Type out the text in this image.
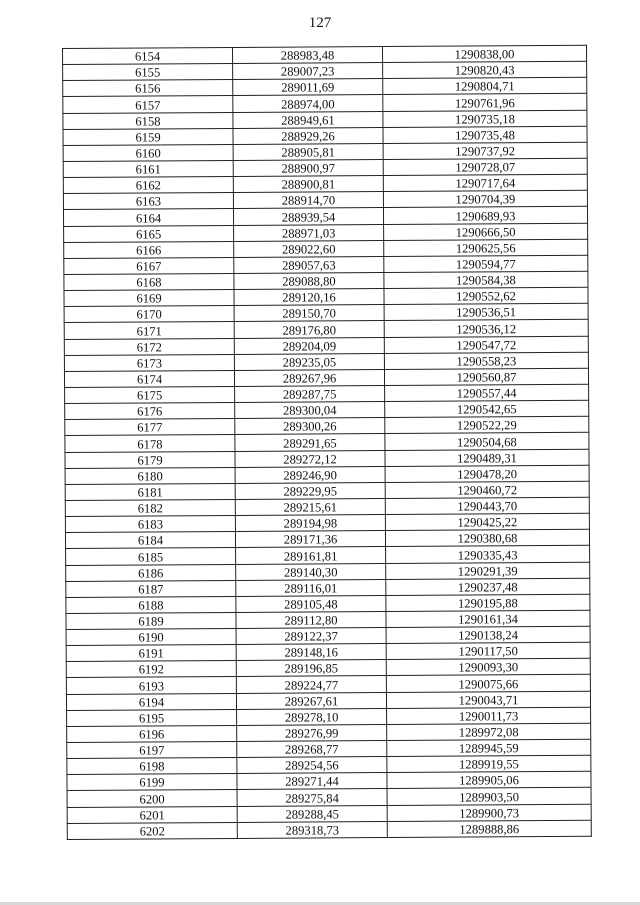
127
6154	288983,48	1290838,00
6155	289007,23	1290820,43
6156	289011,69	1290804,71
6157	288974,00	1290761,96
6158	288949,61	1290735,18
6159	288929,26	1290735,48
6160	288905,81	1290737,92
6161	288900,97	1290728,07
6162	288900,81	1290717,64
6163	288914,70	1290704,39
6164	288939,54	1290689,93
6165	288971,03	1290666,50
6166	289022,60	1290625,56
6167	289057,63	1290594,77
6168	289088,80	1290584,38
6169	289120,16	1290552,62
6170	289150,70	1290536,51
6171	289176,80	1290536,12
6172	289204,09	1290547,72
6173	289235,05	1290558,23
6174	289267,96	1290560,87
6175	289287,75	1290557,44
6176	289300,04	1290542,65
6177	289300,26	1290522,29
6178	289291,65	1290504,68
6179	289272,12	1290489,31
6180	289246,90	1290478,20
6181	289229,95	1290460,72
6182	289215,61	1290443,70
6183	289194,98	1290425,22
6184	289171,36	1290380,68
6185	289161,81	1290335,43
6186	289140,30	1290291,39
6187	289116,01	1290237,48
6188	289105,48	1290195,88
6189	289112,80	1290161,34
6190	289122,37	1290138,24
6191	289148,16	1290117,50
6192	289196,85	1290093,30
6193	289224,77	1290075,66
6194	289267,61	1290043,71
6195	289278,10	1290011,73
6196	289276,99	1289972,08
6197	289268,77	1289945,59
6198	289254,56	1289919,55
6199	289271,44	1289905,06
6200	289275,84	1289903,50
6201	289288,45	1289900,73
6202	289318,73	1289888,86
